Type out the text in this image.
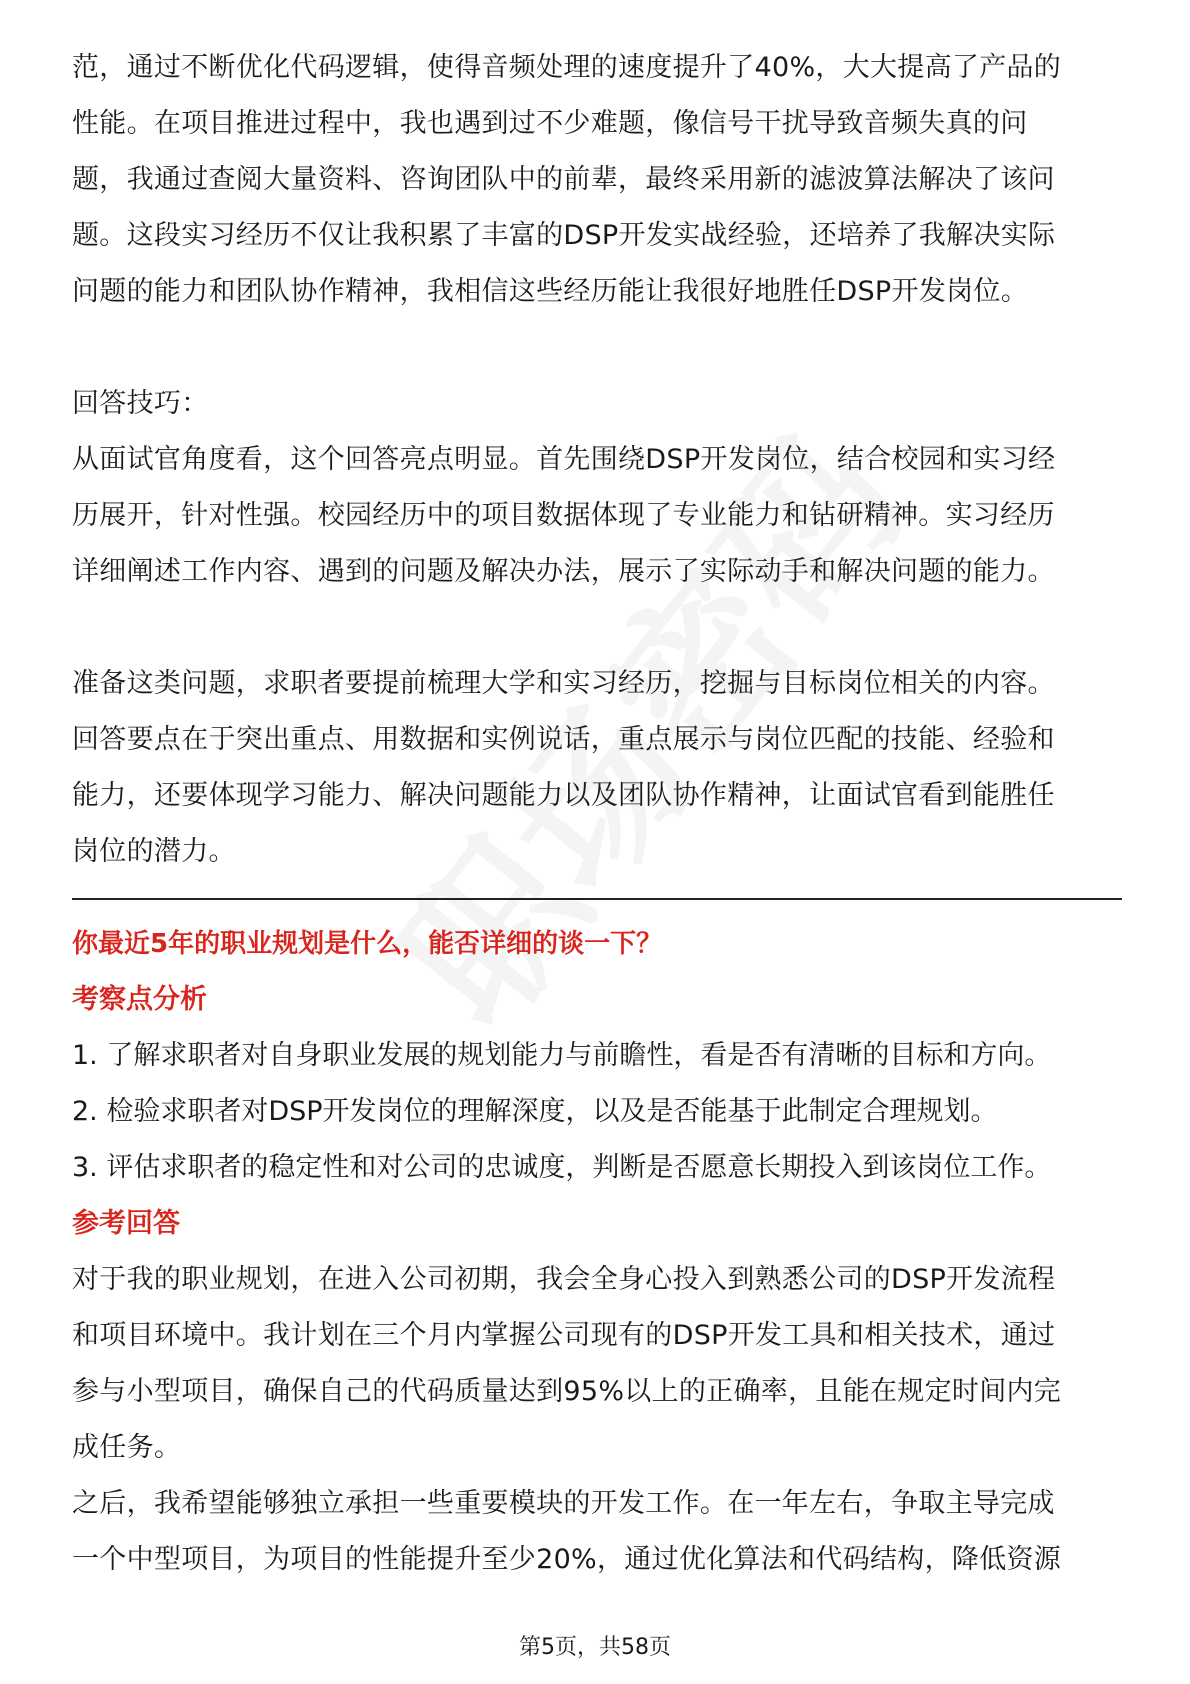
范，通过不断优化代码逻辑，使得音频处理的速度提升了40%，大大提高了产品的

性能。在项目推进过程中，我也遇到过不少难题，像信号干扰导致音频失真的问

题，我通过查阅大量资料、咨询团队中的前辈，最终采用新的滤波算法解决了该问

题。这段实习经历不仅让我积累了丰富的DSP开发实战经验，还培养了我解决实际

问题的能力和团队协作精神，我相信这些经历能让我很好地胜任DSP开发岗位。

回答技巧：

从面试官角度看，这个回答亮点明显。首先围绕DSP开发岗位，结合校园和实习经

历展开，针对性强。校园经历中的项目数据体现了专业能力和钻研精神。实习经历

详细阐述工作内容、遇到的问题及解决办法，展示了实际动手和解决问题的能力。

准备这类问题，求职者要提前梳理大学和实习经历，挖掘与目标岗位相关的内容。

回答要点在于突出重点、用数据和实例说话，重点展示与岗位匹配的技能、经验和

能力，还要体现学习能力、解决问题能力以及团队协作精神，让面试官看到能胜任

岗位的潜力。

你最近5年的职业规划是什么，能否详细的谈一下？
考察点分析

1. 了解求职者对自身职业发展的规划能力与前瞻性，看是否有清晰的目标和方向。

2. 检验求职者对DSP开发岗位的理解深度，以及是否能基于此制定合理规划。

3. 评估求职者的稳定性和对公司的忠诚度，判断是否愿意长期投入到该岗位工作。

参考回答

对于我的职业规划，在进入公司初期，我会全身心投入到熟悉公司的DSP开发流程

和项目环境中。我计划在三个月内掌握公司现有的DSP开发工具和相关技术，通过

参与小型项目，确保自己的代码质量达到95%以上的正确率，且能在规定时间内完

成任务。

之后，我希望能够独立承担一些重要模块的开发工作。在一年左右，争取主导完成

一个中型项目，为项目的性能提升至少20%，通过优化算法和代码结构，降低资源

第5页，共58页
